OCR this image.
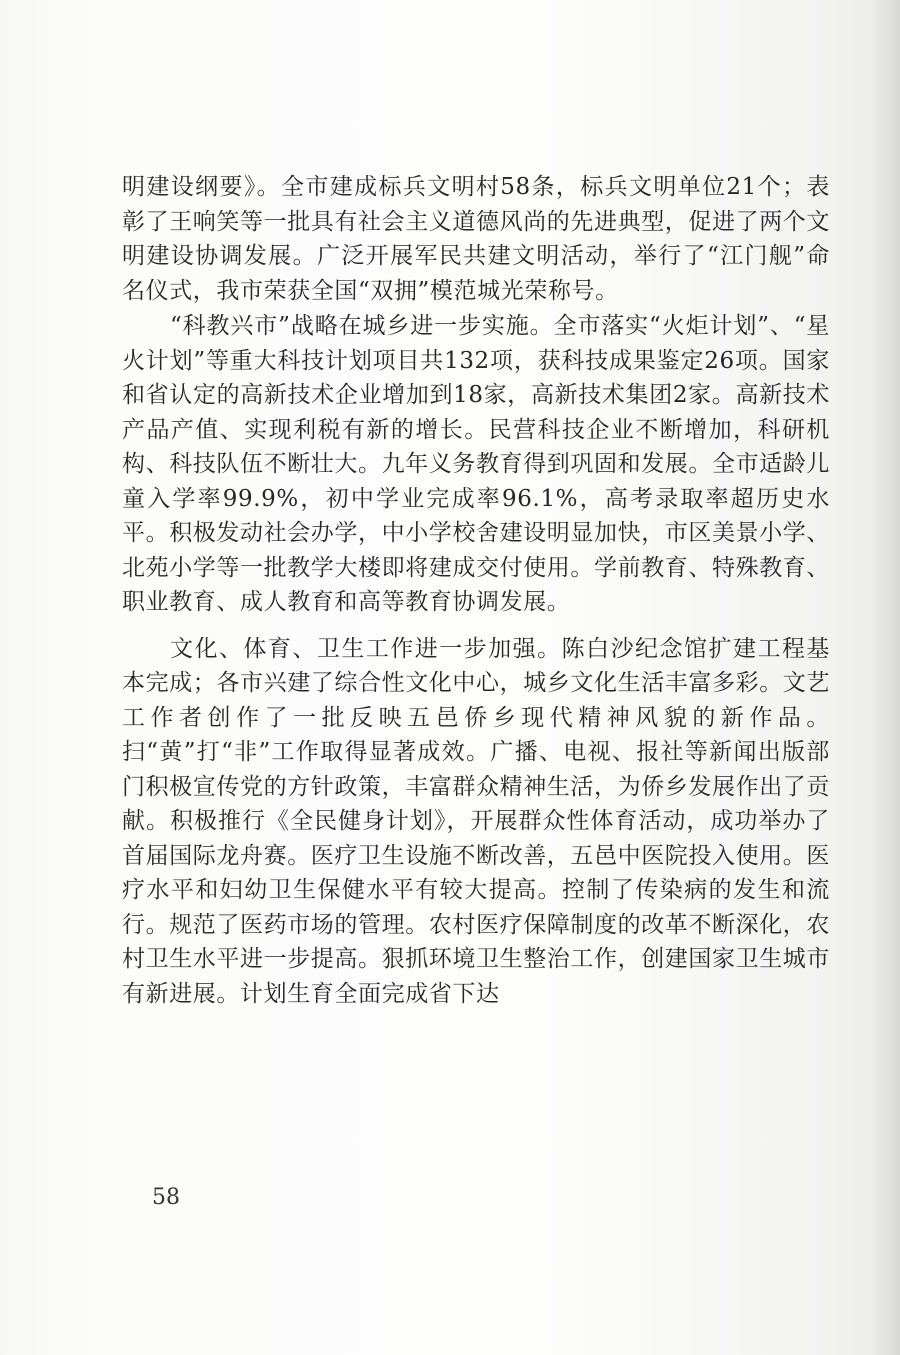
明建设纲要》。全市建成标兵文明村58条，标兵文明单位21个；表彰了王响笑等一批具有社会主义道德风尚的先进典型，促进了两个文明建设协调发展。广泛开展军民共建文明活动，举行了“江门舰”命名仪式，我市荣获全国“双拥”模范城光荣称号。

“科教兴市”战略在城乡进一步实施。全市落实“火炬计划”、“星火计划”等重大科技计划项目共132项，获科技成果鉴定26项。国家和省认定的高新技术企业增加到18家，高新技术集团2家。高新技术产品产值、实现利税有新的增长。民营科技企业不断增加，科研机构、科技队伍不断壮大。九年义务教育得到巩固和发展。全市适龄儿童入学率99.9%，初中学业完成率96.1%，高考录取率超历史水平。积极发动社会办学，中小学校舍建设明显加快，市区美景小学、北苑小学等一批教学大楼即将建成交付使用。学前教育、特殊教育、职业教育、成人教育和高等教育协调发展。

文化、体育、卫生工作进一步加强。陈白沙纪念馆扩建工程基本完成；各市兴建了综合性文化中心，城乡文化生活丰富多彩。文艺工作者创作了一批反映五邑侨乡现代精神风貌的新作品。扫“黄”打“非”工作取得显著成效。广播、电视、报社等新闻出版部门积极宣传党的方针政策，丰富群众精神生活，为侨乡发展作出了贡献。积极推行《全民健身计划》，开展群众性体育活动，成功举办了首届国际龙舟赛。医疗卫生设施不断改善，五邑中医院投入使用。医疗水平和妇幼卫生保健水平有较大提高。控制了传染病的发生和流行。规范了医药市场的管理。农村医疗保障制度的改革不断深化，农村卫生水平进一步提高。狠抓环境卫生整治工作，创建国家卫生城市有新进展。计划生育全面完成省下达

58
